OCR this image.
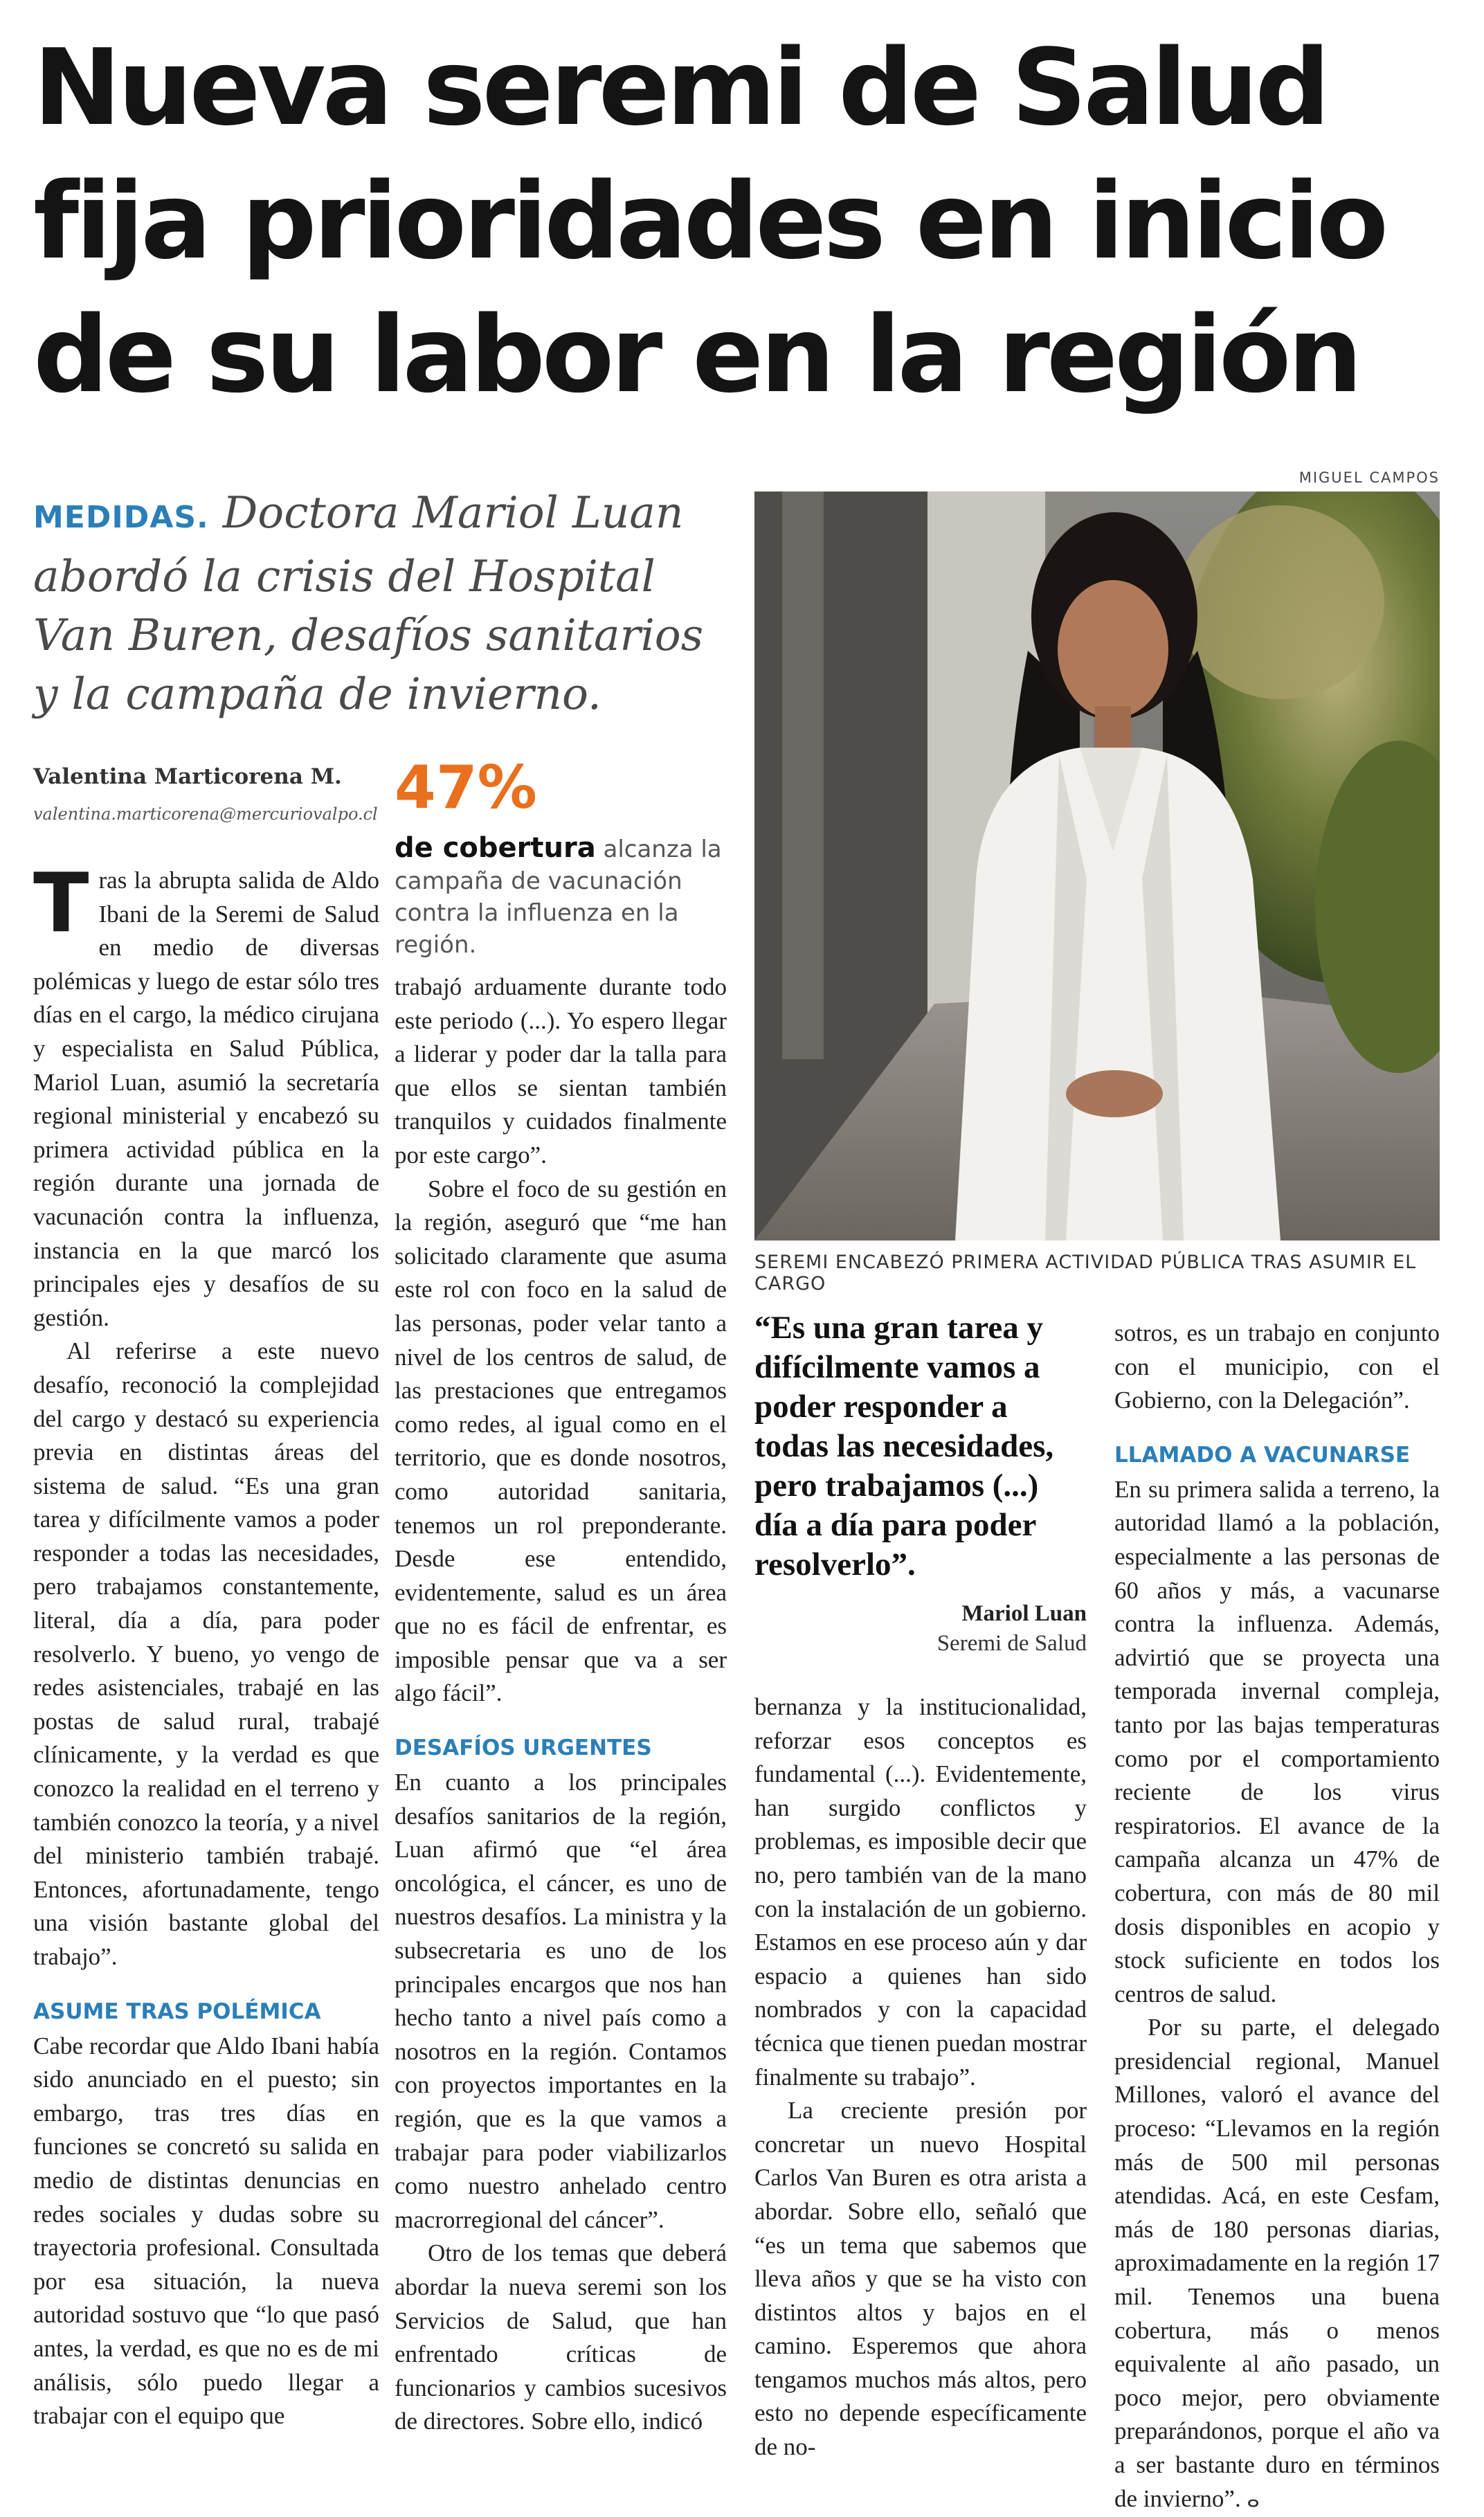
Nueva seremi de Salud fija prioridades en inicio de su labor en la región

MEDIDAS. Doctora Mariol Luan abordó la crisis del Hospital Van Buren, desafíos sanitarios y la campaña de invierno.

MIGUEL CAMPOS
SEREMI ENCABEZÓ PRIMERA ACTIVIDAD PÚBLICA TRAS ASUMIR EL CARGO
Valentina Marticorena M.
valentina.marticorena@mercuriovalpo.cl 47%
de cobertura alcanza la campaña de vacunación contra la influenza en la región.

Tras la abrupta salida de Aldo Ibani de la Seremi de Salud en medio de diversas polémicas y luego de estar sólo tres días en el cargo, la médico cirujana y especialista en Salud Pública, Mariol Luan, asumió la secretaría regional ministerial y encabezó su primera actividad pública en la región durante una jornada de vacunación contra la influenza, instancia en la que marcó los principales ejes y desafíos de su gestión.

Al referirse a este nuevo desafío, reconoció la complejidad del cargo y destacó su experiencia previa en distintas áreas del sistema de salud. “Es una gran tarea y difícilmente vamos a poder responder a todas las necesidades, pero trabajamos constantemente, literal, día a día, para poder resolverlo. Y bueno, yo vengo de redes asistenciales, trabajé en las postas de salud rural, trabajé clínicamente, y la verdad es que conozco la realidad en el terreno y también conozco la teoría, y a nivel del ministerio también trabajé. Entonces, afortunadamente, tengo una visión bastante global del trabajo”.

ASUME TRAS POLÉMICA

Cabe recordar que Aldo Ibani había sido anunciado en el puesto; sin embargo, tras tres días en funciones se concretó su salida en medio de distintas denuncias en redes sociales y dudas sobre su trayectoria profesional. Consultada por esa situación, la nueva autoridad sostuvo que “lo que pasó antes, la verdad, es que no es de mi análisis, sólo puedo llegar a trabajar con el equipo que

trabajó arduamente durante todo este periodo (...). Yo espero llegar a liderar y poder dar la talla para que ellos se sientan también tranquilos y cuidados finalmente por este cargo”.

Sobre el foco de su gestión en la región, aseguró que “me han solicitado claramente que asuma este rol con foco en la salud de las personas, poder velar tanto a nivel de los centros de salud, de las prestaciones que entregamos como redes, al igual como en el territorio, que es donde nosotros, como autoridad sanitaria, tenemos un rol preponderante. Desde ese entendido, evidentemente, salud es un área que no es fácil de enfrentar, es imposible pensar que va a ser algo fácil”.

DESAFÍOS URGENTES

En cuanto a los principales desafíos sanitarios de la región, Luan afirmó que “el área oncológica, el cáncer, es uno de nuestros desafíos. La ministra y la subsecretaria es uno de los principales encargos que nos han hecho tanto a nivel país como a nosotros en la región. Contamos con proyectos importantes en la región, que es la que vamos a trabajar para poder viabilizarlos como nuestro anhelado centro macrorregional del cáncer”.

Otro de los temas que deberá abordar la nueva seremi son los Servicios de Salud, que han enfrentado críticas de funcionarios y cambios sucesivos de directores. Sobre ello, indicó

“Es una gran tarea y difícilmente vamos a poder responder a todas las necesidades, pero trabajamos (...) día a día para poder resolverlo”.

Mariol Luan
Seremi de Salud

bernanza y la institucionalidad, reforzar esos conceptos es fundamental (...). Evidentemente, han surgido conflictos y problemas, es imposible decir que no, pero también van de la mano con la instalación de un gobierno. Estamos en ese proceso aún y dar espacio a quienes han sido nombrados y con la capacidad técnica que tienen puedan mostrar finalmente su trabajo”.

La creciente presión por concretar un nuevo Hospital Carlos Van Buren es otra arista a abordar. Sobre ello, señaló que “es un tema que sabemos que lleva años y que se ha visto con distintos altos y bajos en el camino. Esperemos que ahora tengamos muchos más altos, pero esto no depende específicamente de no-

sotros, es un trabajo en conjunto con el municipio, con el Gobierno, con la Delegación”.

LLAMADO A VACUNARSE

En su primera salida a terreno, la autoridad llamó a la población, especialmente a las personas de 60 años y más, a vacunarse contra la influenza. Además, advirtió que se proyecta una temporada invernal compleja, tanto por las bajas temperaturas como por el comportamiento reciente de los virus respiratorios. El avance de la campaña alcanza un 47% de cobertura, con más de 80 mil dosis disponibles en acopio y stock suficiente en todos los centros de salud.

Por su parte, el delegado presidencial regional, Manuel Millones, valoró el avance del proceso: “Llevamos en la región más de 500 mil personas atendidas. Acá, en este Cesfam, más de 180 personas diarias, aproximadamente en la región 17 mil. Tenemos una buena cobertura, más o menos equivalente al año pasado, un poco mejor, pero obviamente preparándonos, porque el año va a ser bastante duro en términos de invierno”. ⴰ
